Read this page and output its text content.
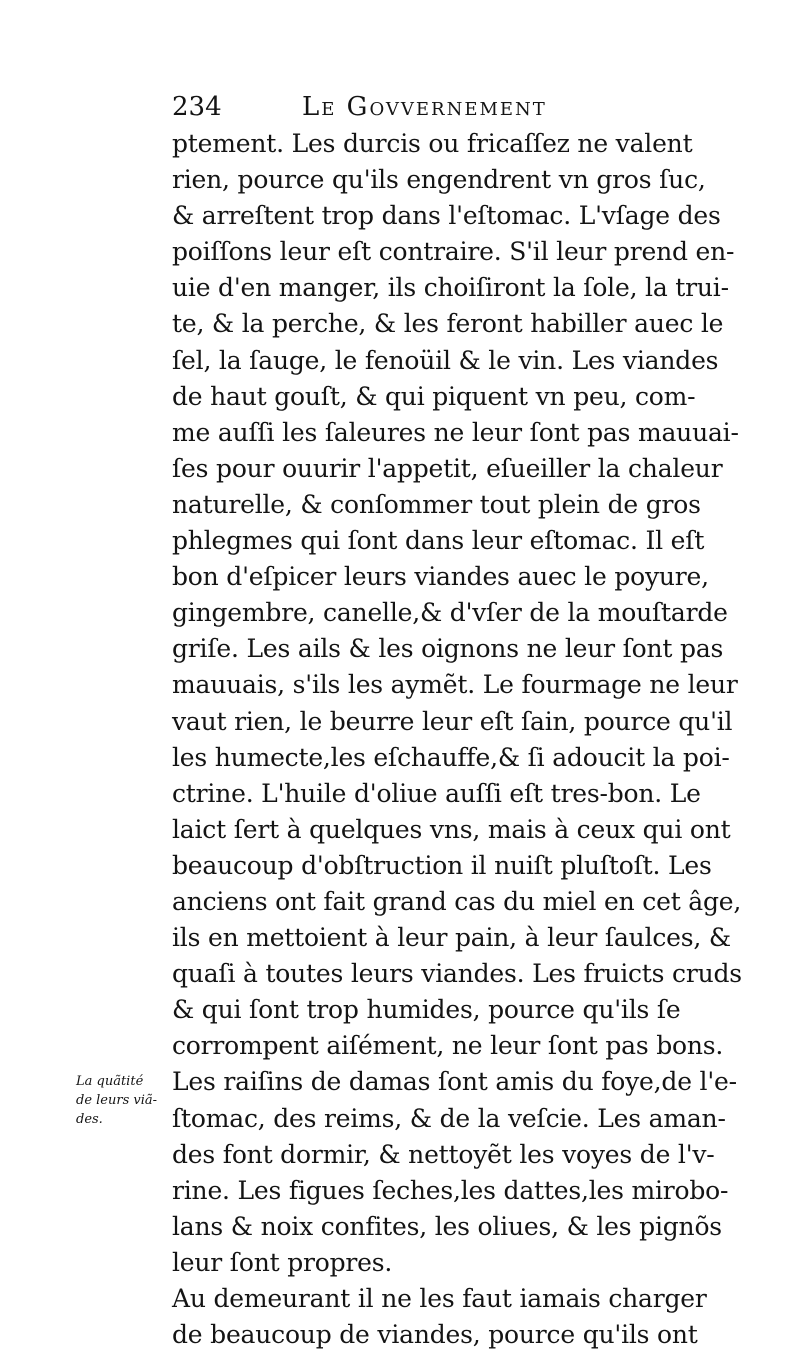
234	Le Govvernement
ptement. Les durcis ou fricaſſez ne valent
rien, pource qu'ils engendrent vn gros ſuc,
& arreſtent trop dans l'eſtomac. L'vſage des
poiſſons leur eſt contraire. S'il leur prend en-
uie d'en manger, ils choiſiront la ſole, la trui-
te, & la perche, & les feront habiller auec le
ſel, la ſauge, le fenoüil & le vin. Les viandes
de haut gouſt, & qui piquent vn peu, com-
me auſſi les ſaleures ne leur ſont pas mauuai-
ſes pour ouurir l'appetit, eſueiller la chaleur
naturelle, & conſommer tout plein de gros
phlegmes qui ſont dans leur eſtomac. Il eſt
bon d'eſpicer leurs viandes auec le poyure,
gingembre, canelle,& d'vſer de la mouſtarde
griſe. Les ails & les oignons ne leur ſont pas
mauuais, s'ils les aymẽt. Le fourmage ne leur
vaut rien, le beurre leur eſt ſain, pource qu'il
les humecte,les eſchauffe,& ſi adoucit la poi-
ctrine. L'huile d'oliue auſſi eſt tres-bon. Le
laict ſert à quelques vns, mais à ceux qui ont
beaucoup d'obſtruction il nuiſt pluſtoſt. Les
anciens ont fait grand cas du miel en cet âge,
ils en mettoient à leur pain, à leur ſaulces, &
quaſi à toutes leurs viandes. Les fruicts cruds
& qui ſont trop humides, pource qu'ils ſe
corrompent aiſément, ne leur ſont pas bons.
Les raiſins de damas ſont amis du foye,de l'e-
ſtomac, des reims, & de la veſcie. Les aman-
des font dormir, & nettoyẽt les voyes de l'v-
rine. Les figues ſeches,les dattes,les mirobo-
lans & noix confites, les oliues, & les pignõs
leur ſont propres.
Au demeurant il ne les faut iamais charger
de beaucoup de viandes, pource qu'ils ont
La quãtité
de leurs viã-
des.
